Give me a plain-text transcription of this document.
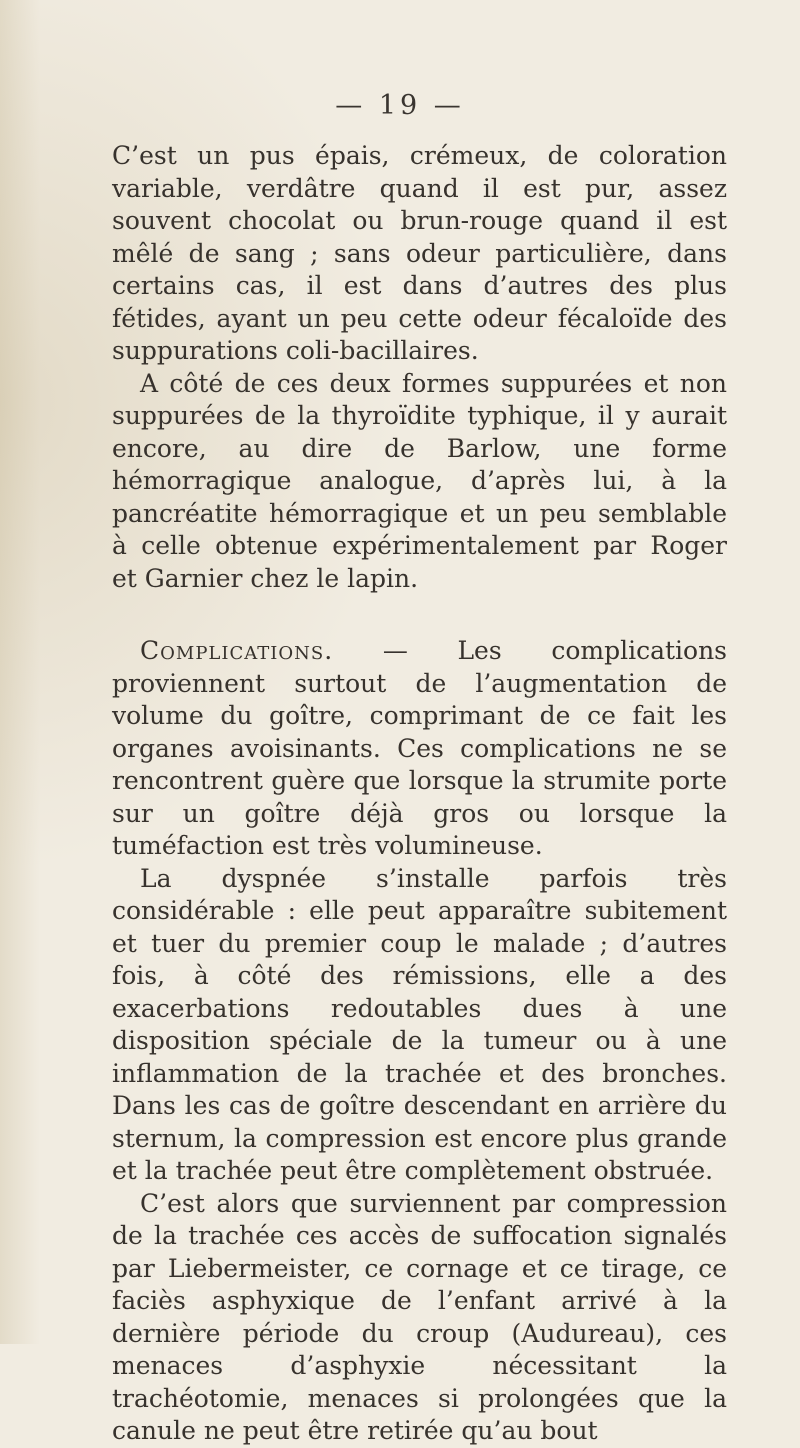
— 19 —

C’est un pus épais, crémeux, de coloration variable, verdâtre quand il est pur, assez souvent chocolat ou brun-rouge quand il est mêlé de sang ; sans odeur particulière, dans certains cas, il est dans d’autres des plus fétides, ayant un peu cette odeur fécaloïde des suppurations coli-bacillaires.

A côté de ces deux formes suppurées et non suppurées de la thyroïdite typhique, il y aurait encore, au dire de Barlow, une forme hémorragique analogue, d’après lui, à la pancréatite hémorragique et un peu semblable à celle obtenue expérimentalement par Roger et Garnier chez le lapin.

Complications. — Les complications proviennent surtout de l’augmentation de volume du goître, comprimant de ce fait les organes avoisinants. Ces complications ne se rencontrent guère que lorsque la strumite porte sur un goître déjà gros ou lorsque la tuméfaction est très volumineuse.

La dyspnée s’installe parfois très considérable : elle peut apparaître subitement et tuer du premier coup le malade ; d’autres fois, à côté des rémissions, elle a des exacerbations redoutables dues à une disposition spéciale de la tumeur ou à une inflammation de la trachée et des bronches. Dans les cas de goître descendant en arrière du sternum, la compression est encore plus grande et la trachée peut être complètement obstruée.

C’est alors que surviennent par compression de la trachée ces accès de suffocation signalés par Liebermeister, ce cornage et ce tirage, ce faciès asphyxique de l’enfant arrivé à la dernière période du croup (Audureau), ces menaces d’asphyxie nécessitant la trachéotomie, menaces si prolongées que la canule ne peut être retirée qu’au bout
